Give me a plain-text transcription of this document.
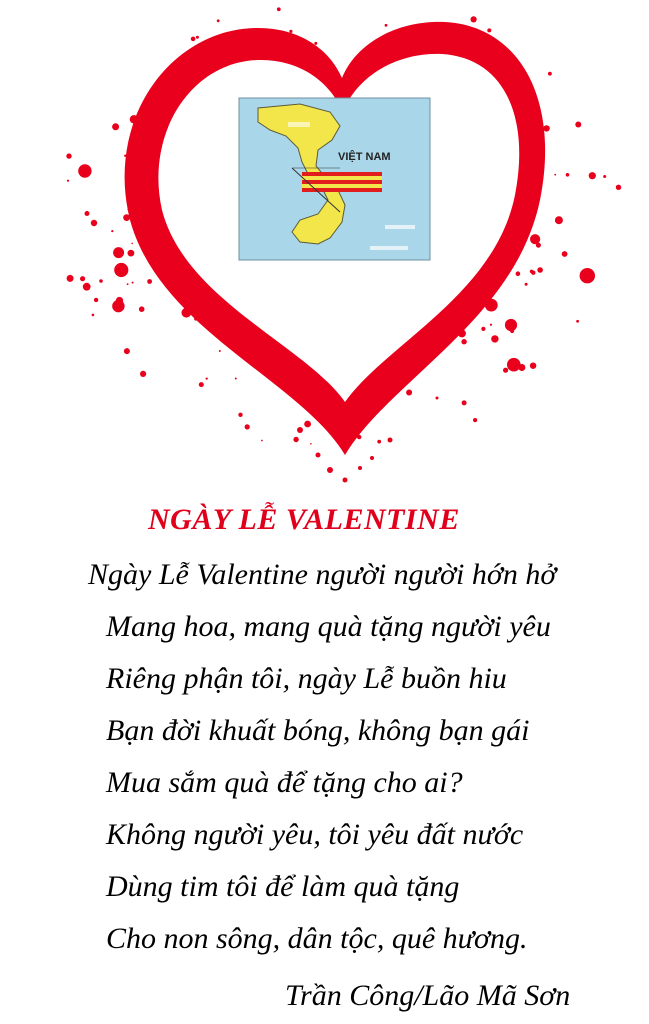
VIỆT NAM
NGÀY LỄ VALENTINE
Ngày Lễ Valentine người người hớn hở
Mang hoa, mang quà tặng người yêu
Riêng phận tôi, ngày Lễ buồn hiu
Bạn đời khuất bóng, không bạn gái
Mua sắm quà để tặng cho ai?
Không người yêu, tôi yêu đất nước
Dùng tim tôi để làm quà tặng
Cho non sông, dân tộc, quê hương.
Trần Công/Lão Mã Sơn
